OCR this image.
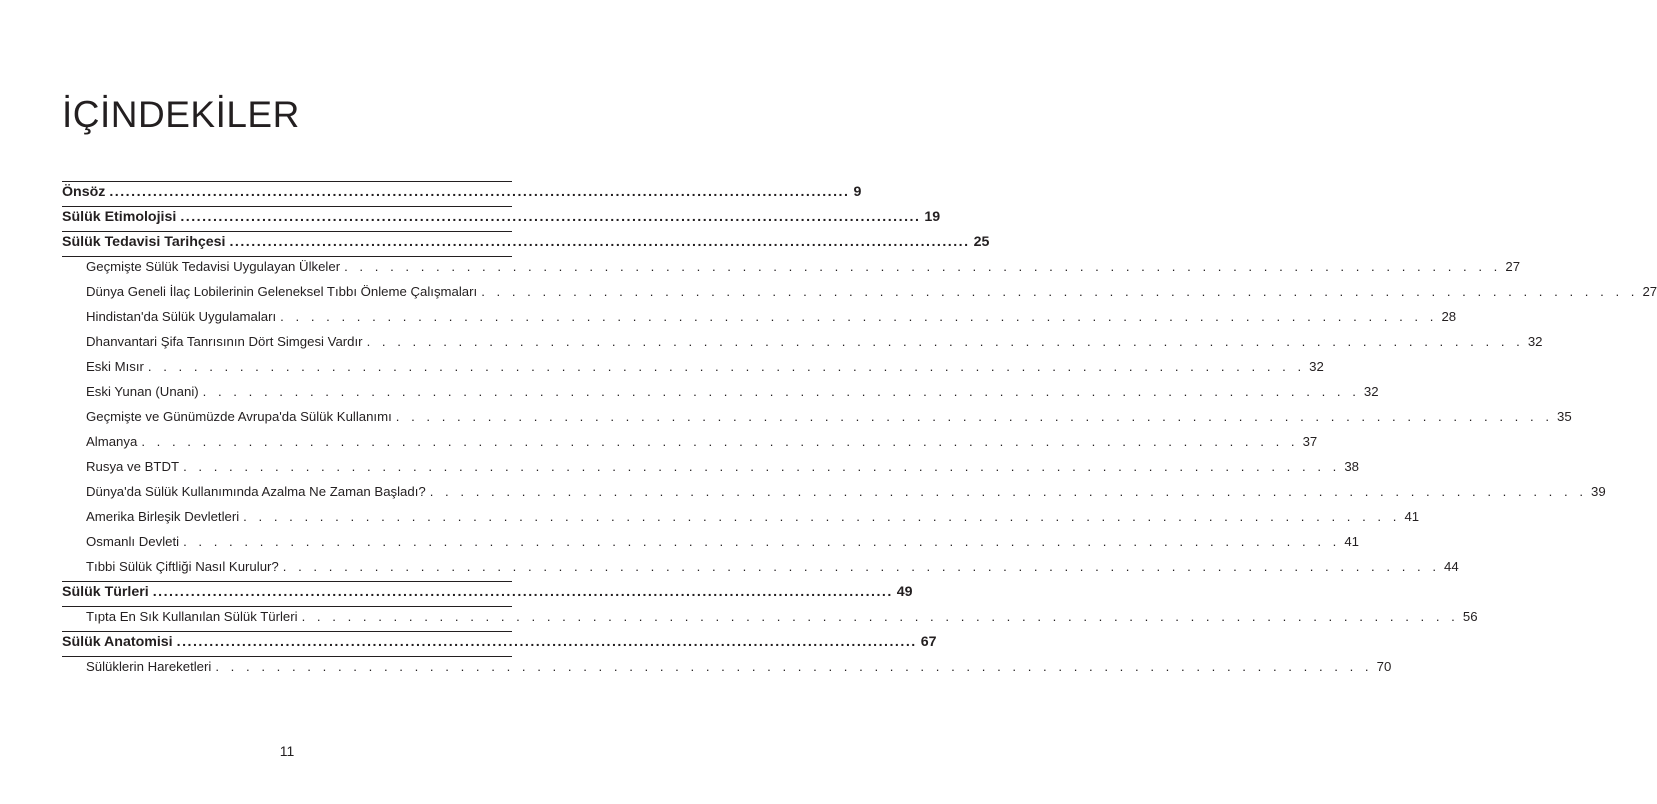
İÇİNDEKİLER
Önsöz ........................................................................................................................................ 9
Sülük Etimolojisi ........................................................................................................................................ 19
Sülük Tedavisi Tarihçesi ........................................................................................................................................ 25
Geçmişte Sülük Tedavisi Uygulayan Ülkeler . . . . . . . . . . . . . . . . . . . . . . . . . . . . . . . . . . . . . . . . . . . . . . . . . . . . . . . . . . . . . . . . . . . . . . . . . . . . 27
Dünya Geneli İlaç Lobilerinin Geleneksel Tıbbı Önleme Çalışmaları . . . . . . . . . . . . . . . . . . . . . . . . . . . . . . . . . . . . . . . . . . . . . . . . . . . . . . . . . . . . . . . . . . . . . . . . . . . . 27
Hindistan'da Sülük Uygulamaları . . . . . . . . . . . . . . . . . . . . . . . . . . . . . . . . . . . . . . . . . . . . . . . . . . . . . . . . . . . . . . . . . . . . . . . . . . . . 28
Dhanvantari Şifa Tanrısının Dört Simgesi Vardır . . . . . . . . . . . . . . . . . . . . . . . . . . . . . . . . . . . . . . . . . . . . . . . . . . . . . . . . . . . . . . . . . . . . . . . . . . . . 32
Eski Mısır . . . . . . . . . . . . . . . . . . . . . . . . . . . . . . . . . . . . . . . . . . . . . . . . . . . . . . . . . . . . . . . . . . . . . . . . . . . . 32
Eski Yunan (Unani) . . . . . . . . . . . . . . . . . . . . . . . . . . . . . . . . . . . . . . . . . . . . . . . . . . . . . . . . . . . . . . . . . . . . . . . . . . . . 32
Geçmişte ve Günümüzde Avrupa'da Sülük Kullanımı . . . . . . . . . . . . . . . . . . . . . . . . . . . . . . . . . . . . . . . . . . . . . . . . . . . . . . . . . . . . . . . . . . . . . . . . . . . . 35
Almanya . . . . . . . . . . . . . . . . . . . . . . . . . . . . . . . . . . . . . . . . . . . . . . . . . . . . . . . . . . . . . . . . . . . . . . . . . . . . 37
Rusya ve BTDT . . . . . . . . . . . . . . . . . . . . . . . . . . . . . . . . . . . . . . . . . . . . . . . . . . . . . . . . . . . . . . . . . . . . . . . . . . . . 38
Dünya'da Sülük Kullanımında Azalma Ne Zaman Başladı? . . . . . . . . . . . . . . . . . . . . . . . . . . . . . . . . . . . . . . . . . . . . . . . . . . . . . . . . . . . . . . . . . . . . . . . . . . . . 39
Amerika Birleşik Devletleri . . . . . . . . . . . . . . . . . . . . . . . . . . . . . . . . . . . . . . . . . . . . . . . . . . . . . . . . . . . . . . . . . . . . . . . . . . . . 41
Osmanlı Devleti . . . . . . . . . . . . . . . . . . . . . . . . . . . . . . . . . . . . . . . . . . . . . . . . . . . . . . . . . . . . . . . . . . . . . . . . . . . . 41
Tıbbi Sülük Çiftliği Nasıl Kurulur? . . . . . . . . . . . . . . . . . . . . . . . . . . . . . . . . . . . . . . . . . . . . . . . . . . . . . . . . . . . . . . . . . . . . . . . . . . . . 44
Sülük Türleri ........................................................................................................................................ 49
Tıpta En Sık Kullanılan Sülük Türleri . . . . . . . . . . . . . . . . . . . . . . . . . . . . . . . . . . . . . . . . . . . . . . . . . . . . . . . . . . . . . . . . . . . . . . . . . . . . 56
Sülük Anatomisi ........................................................................................................................................ 67
Sülüklerin Hareketleri . . . . . . . . . . . . . . . . . . . . . . . . . . . . . . . . . . . . . . . . . . . . . . . . . . . . . . . . . . . . . . . . . . . . . . . . . . . . 70
11
